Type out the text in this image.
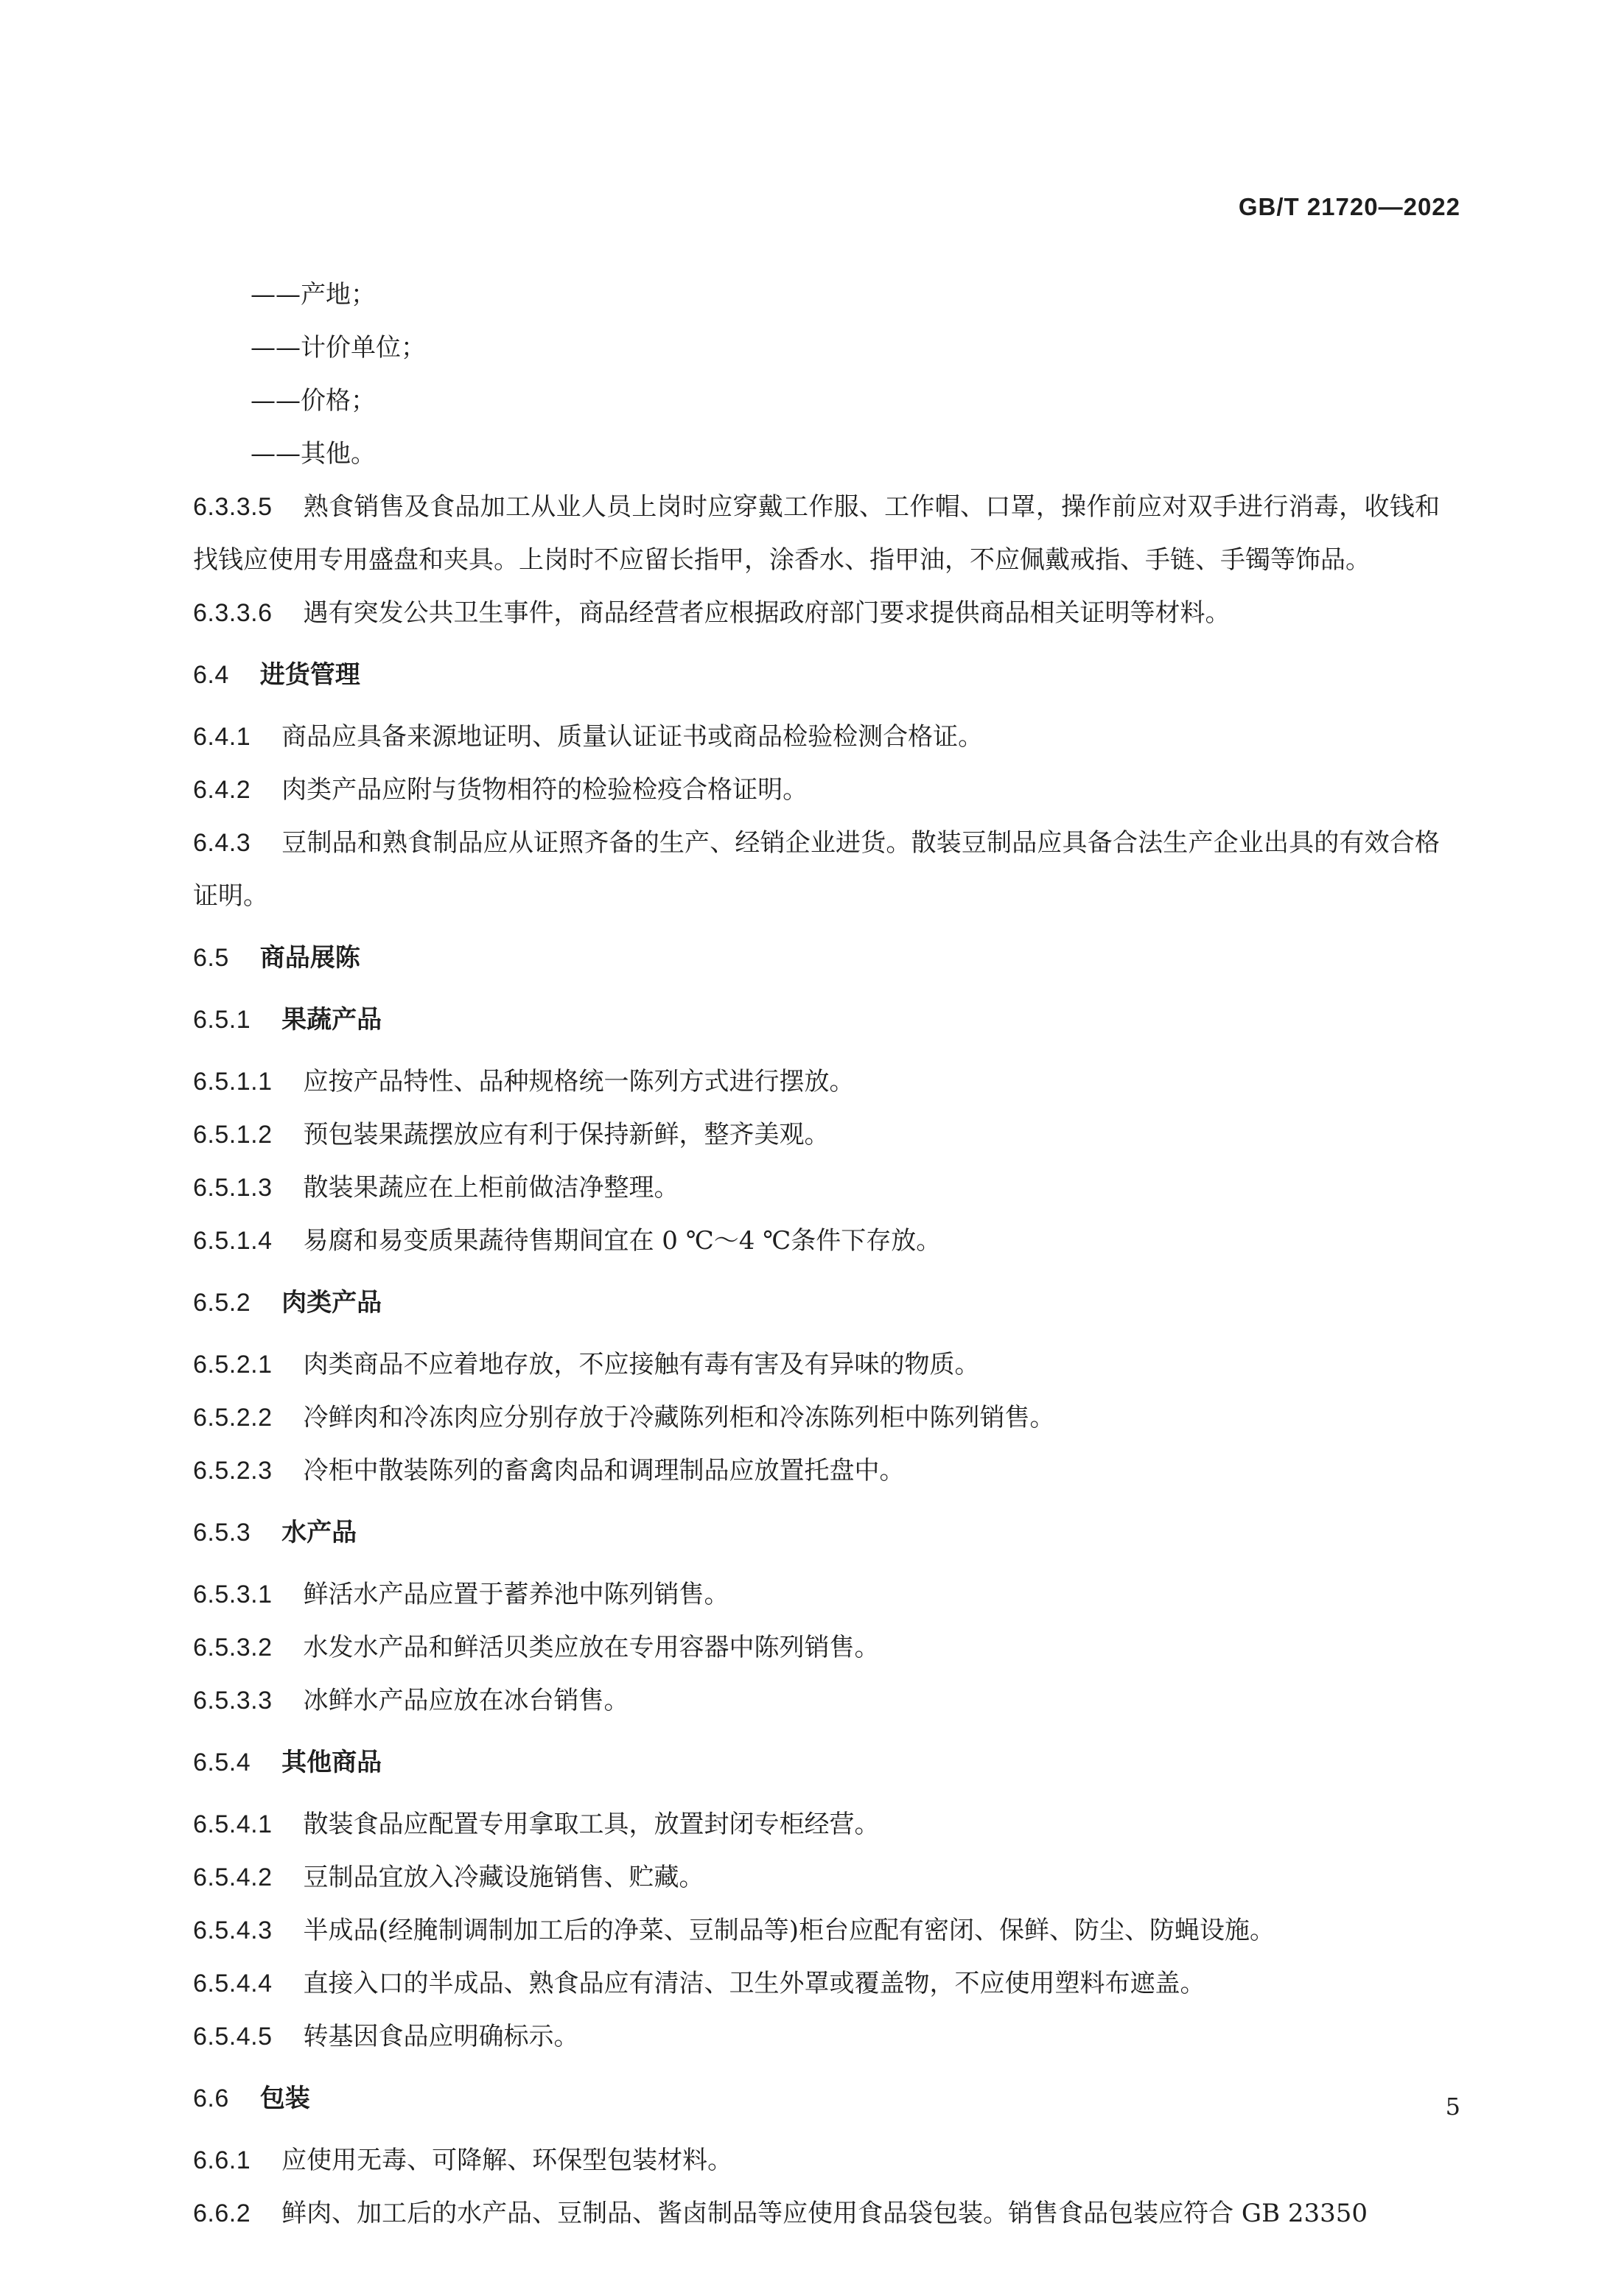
GB/T 21720—2022
——产地；
——计价单位；
——价格；
——其他。
6.3.3.5 熟食销售及食品加工从业人员上岗时应穿戴工作服、工作帽、口罩，操作前应对双手进行消毒，收钱和找钱应使用专用盛盘和夹具。上岗时不应留长指甲，涂香水、指甲油，不应佩戴戒指、手链、手镯等饰品。
6.3.3.6 遇有突发公共卫生事件，商品经营者应根据政府部门要求提供商品相关证明等材料。
6.4 进货管理
6.4.1 商品应具备来源地证明、质量认证证书或商品检验检测合格证。
6.4.2 肉类产品应附与货物相符的检验检疫合格证明。
6.4.3 豆制品和熟食制品应从证照齐备的生产、经销企业进货。散装豆制品应具备合法生产企业出具的有效合格证明。
6.5 商品展陈
6.5.1 果蔬产品
6.5.1.1 应按产品特性、品种规格统一陈列方式进行摆放。
6.5.1.2 预包装果蔬摆放应有利于保持新鲜，整齐美观。
6.5.1.3 散装果蔬应在上柜前做洁净整理。
6.5.1.4 易腐和易变质果蔬待售期间宜在 0 ℃～4 ℃条件下存放。
6.5.2 肉类产品
6.5.2.1 肉类商品不应着地存放，不应接触有毒有害及有异味的物质。
6.5.2.2 冷鲜肉和冷冻肉应分别存放于冷藏陈列柜和冷冻陈列柜中陈列销售。
6.5.2.3 冷柜中散装陈列的畜禽肉品和调理制品应放置托盘中。
6.5.3 水产品
6.5.3.1 鲜活水产品应置于蓄养池中陈列销售。
6.5.3.2 水发水产品和鲜活贝类应放在专用容器中陈列销售。
6.5.3.3 冰鲜水产品应放在冰台销售。
6.5.4 其他商品
6.5.4.1 散装食品应配置专用拿取工具，放置封闭专柜经营。
6.5.4.2 豆制品宜放入冷藏设施销售、贮藏。
6.5.4.3 半成品(经腌制调制加工后的净菜、豆制品等)柜台应配有密闭、保鲜、防尘、防蝇设施。
6.5.4.4 直接入口的半成品、熟食品应有清洁、卫生外罩或覆盖物，不应使用塑料布遮盖。
6.5.4.5 转基因食品应明确标示。
6.6 包装
6.6.1 应使用无毒、可降解、环保型包装材料。
6.6.2 鲜肉、加工后的水产品、豆制品、酱卤制品等应使用食品袋包装。销售食品包装应符合 GB 23350
5
